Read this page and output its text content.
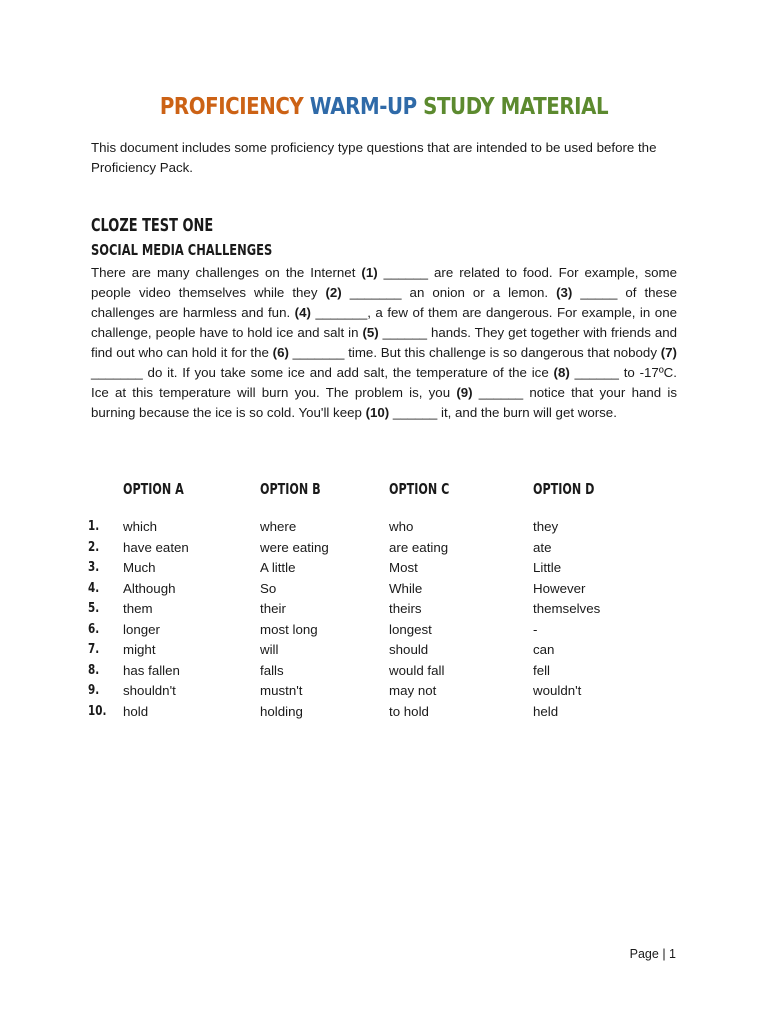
PROFICIENCY WARM-UP STUDY MATERIAL
This document includes some proficiency type questions that are intended to be used before the Proficiency Pack.
CLOZE TEST ONE
SOCIAL MEDIA CHALLENGES
There are many challenges on the Internet (1) ______ are related to food. For example, some people video themselves while they (2) _______ an onion or a lemon. (3) _____ of these challenges are harmless and fun. (4) _______, a few of them are dangerous. For example, in one challenge, people have to hold ice and salt in (5) ______ hands. They get together with friends and find out who can hold it for the (6) _______ time. But this challenge is so dangerous that nobody (7) _______ do it. If you take some ice and add salt, the temperature of the ice (8) ______ to -17ºC. Ice at this temperature will burn you. The problem is, you (9) ______ notice that your hand is burning because the ice is so cold. You'll keep (10) ______ it, and the burn will get worse.
OPTION A	OPTION B	OPTION C	OPTION D
1. which	where	who	they
2. have eaten	were eating	are eating	ate
3. Much	A little	Most	Little
4. Although	So	While	However
5. them	their	theirs	themselves
6. longer	most long	longest	-
7. might	will	should	can
8. has fallen	falls	would fall	fell
9. shouldn't	mustn't	may not	wouldn't
10. hold	holding	to hold	held
Page | 1
